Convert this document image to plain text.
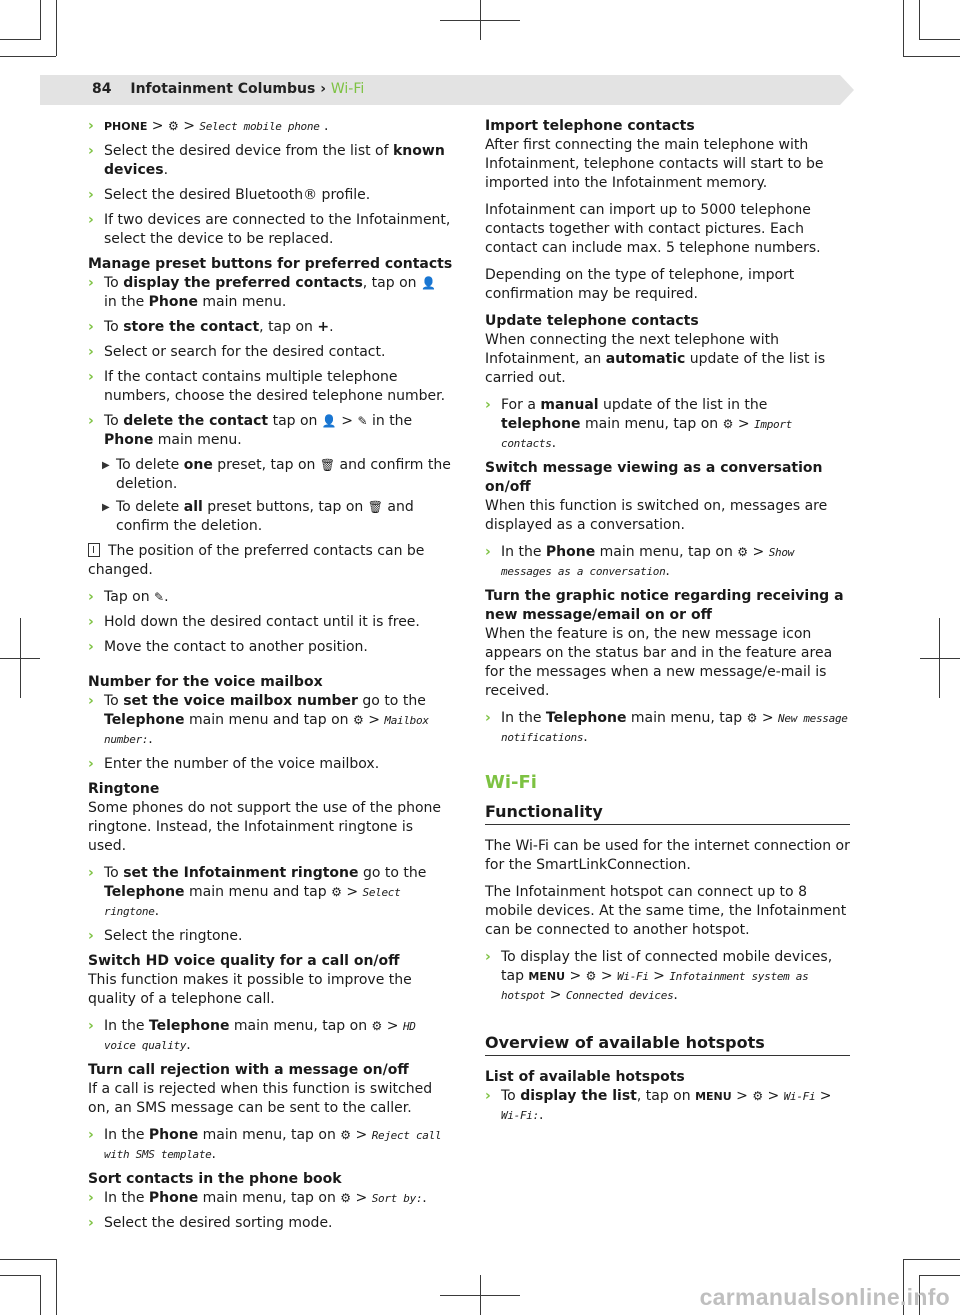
84 Infotainment Columbus › Wi-Fi
› PHONE > ⚙ > Select mobile phone .
› Select the desired device from the list of known devices.
› Select the desired Bluetooth® profile.
› If two devices are connected to the Infotainment, select the device to be replaced.

Manage preset buttons for preferred contacts

› To display the preferred contacts, tap on 👤 in the Phone main menu.
› To store the contact, tap on +.
› Select or search for the desired contact.
› If the contact contains multiple telephone numbers, choose the desired telephone number.
› To delete the contact tap on 👤 > ✎ in the Phone main menu.
▶ To delete one preset, tap on 🗑 and confirm the deletion.
▶ To delete all preset buttons, tap on 🗑 and confirm the deletion.

The position of the preferred contacts can be changed.

› Tap on ✎.
› Hold down the desired contact until it is free.
› Move the contact to another position.

Number for the voice mailbox

› To set the voice mailbox number go to the Telephone main menu and tap on ⚙ > Mailbox number:.
› Enter the number of the voice mailbox.

Ringtone

Some phones do not support the use of the phone ringtone. Instead, the Infotainment ringtone is used.

› To set the Infotainment ringtone go to the Telephone main menu and tap ⚙ > Select ringtone.
› Select the ringtone.

Switch HD voice quality for a call on/off

This function makes it possible to improve the quality of a telephone call.

› In the Telephone main menu, tap on ⚙ > HD voice quality.

Turn call rejection with a message on/off

If a call is rejected when this function is switched on, an SMS message can be sent to the caller.

› In the Phone main menu, tap on ⚙ > Reject call with SMS template.

Sort contacts in the phone book

› In the Phone main menu, tap on ⚙ > Sort by:.
› Select the desired sorting mode.

Import telephone contacts

After first connecting the main telephone with Infotainment, telephone contacts will start to be imported into the Infotainment memory.

Infotainment can import up to 5000 telephone contacts together with contact pictures. Each contact can include max. 5 telephone numbers.

Depending on the type of telephone, import confirmation may be required.

Update telephone contacts

When connecting the next telephone with Infotainment, an automatic update of the list is carried out.

› For a manual update of the list in the telephone main menu, tap on ⚙ > Import contacts.

Switch message viewing as a conversation on/off

When this function is switched on, messages are displayed as a conversation.

› In the Phone main menu, tap on ⚙ > Show messages as a conversation.

Turn the graphic notice regarding receiving a new message/email on or off

When the feature is on, the new message icon appears on the status bar and in the feature area for the messages when a new message/e-mail is received.

› In the Telephone main menu, tap ⚙ > New message notifications.
Wi-Fi
Functionality

The Wi-Fi can be used for the internet connection or for the SmartLinkConnection.

The Infotainment hotspot can connect up to 8 mobile devices. At the same time, the Infotainment can be connected to another hotspot.

› To display the list of connected mobile devices, tap MENU > ⚙ > Wi-Fi > Infotainment system as hotspot > Connected devices.
Overview of available hotspots

List of available hotspots

› To display the list, tap on MENU > ⚙ > Wi-Fi > Wi-Fi:.
carmanualsonline.info
